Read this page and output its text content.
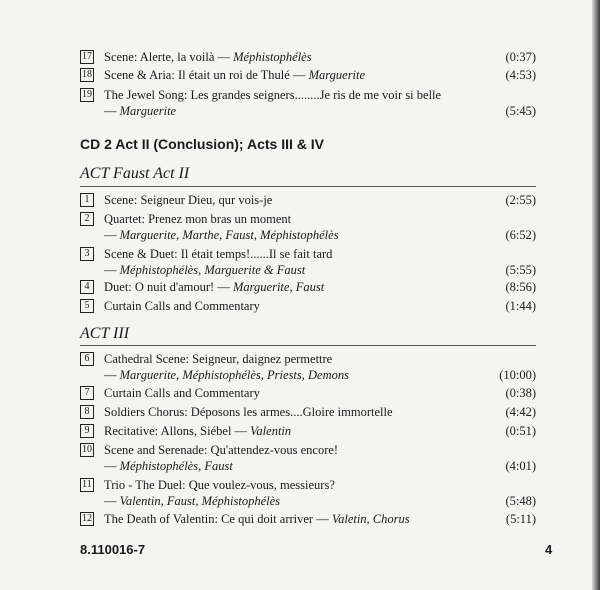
17 Scene: Alerte, la voilà — Méphistophélès	(0:37)
18 Scene & Aria: Il était un roi de Thulé — Marguerite	(4:53)
19 The Jewel Song: Les grandes seigners........Je ris de me voir si belle
— Marguerite	(5:45)
CD 2 Act II (Conclusion); Acts III & IV
ACT Faust Act II
1	Scene: Seigneur Dieu, qur vois-je	(2:55)
2	Quartet: Prenez mon bras un moment
— Marguerite, Marthe, Faust, Méphistophélès	(6:52)
3	Scene & Duet: Il était temps!......Il se fait tard
— Méphistophélès, Marguerite & Faust	(5:55)
4	Duet: O nuit d'amour! — Marguerite, Faust	(8:56)
5	Curtain Calls and Commentary	(1:44)
ACT III
6	Cathedral Scene: Seigneur, daignez permettre
— Marguerite, Méphistophélès, Priests, Demons	(10:00)
7	Curtain Calls and Commentary	(0:38)
8	Soldiers Chorus: Déposons les armes....Gloire immortelle	(4:42)
9	Recitative: Allons, Siébel — Valentin	(0:51)
10 Scene and Serenade: Qu'attendez-vous encore!
— Méphistophélès, Faust	(4:01)
11 Trio - The Duel: Que voulez-vous, messieurs?
— Valentin, Faust, Méphistophélès	(5:48)
12 The Death of Valentin: Ce qui doit arriver — Valetin, Chorus	(5:11)
8.110016-7	4
